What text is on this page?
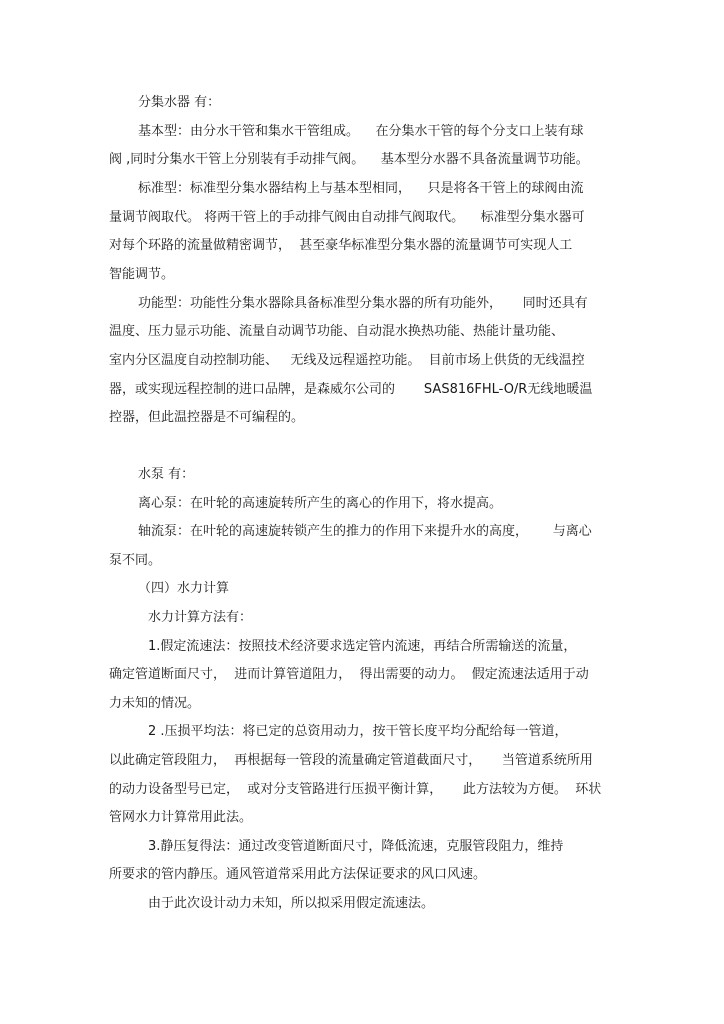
分集水器 有：
基本型：由分水干管和集水干管组成。    在分集水干管的每个分支口上装有球
阀 ,同时分集水干管上分别装有手动排气阀。    基本型分水器不具备流量调节功能。
标准型：标准型分集水器结构上与基本型相同，    只是将各干管上的球阀由流
量调节阀取代。 将两干管上的手动排气阀由自动排气阀取代。    标准型分集水器可
对每个环路的流量做精密调节，  甚至豪华标准型分集水器的流量调节可实现人工
智能调节。
功能型：功能性分集水器除具备标准型分集水器的所有功能外，     同时还具有
温度、压力显示功能、流量自动调节功能、自动混水换热功能、热能计量功能、
室内分区温度自动控制功能、   无线及远程遥控功能。  目前市场上供货的无线温控
器，或实现远程控制的进口品牌，是森威尔公司的       SAS816FHL-O/R无线地暖温
控器，但此温控器是不可编程的。
水泵 有：
离心泵：在叶轮的高速旋转所产生的离心的作用下，将水提高。
轴流泵：在叶轮的高速旋转锁产生的推力的作用下来提升水的高度，      与离心
泵不同。
（四）水力计算
水力计算方法有：
1.假定流速法：按照技术经济要求选定管内流速，再结合所需输送的流量，
确定管道断面尺寸，  进而计算管道阻力，  得出需要的动力。  假定流速法适用于动
力未知的情况。
2 .压损平均法：将已定的总资用动力，按干管长度平均分配给每一管道，
以此确定管段阻力，  再根据每一管段的流量确定管道截面尺寸，     当管道系统所用
的动力设备型号已定，  或对分支管路进行压损平衡计算，     此方法较为方便。  环状
管网水力计算常用此法。
3.静压复得法：通过改变管道断面尺寸，降低流速，克服管段阻力，维持
所要求的管内静压。通风管道常采用此方法保证要求的风口风速。
由于此次设计动力未知，所以拟采用假定流速法。
